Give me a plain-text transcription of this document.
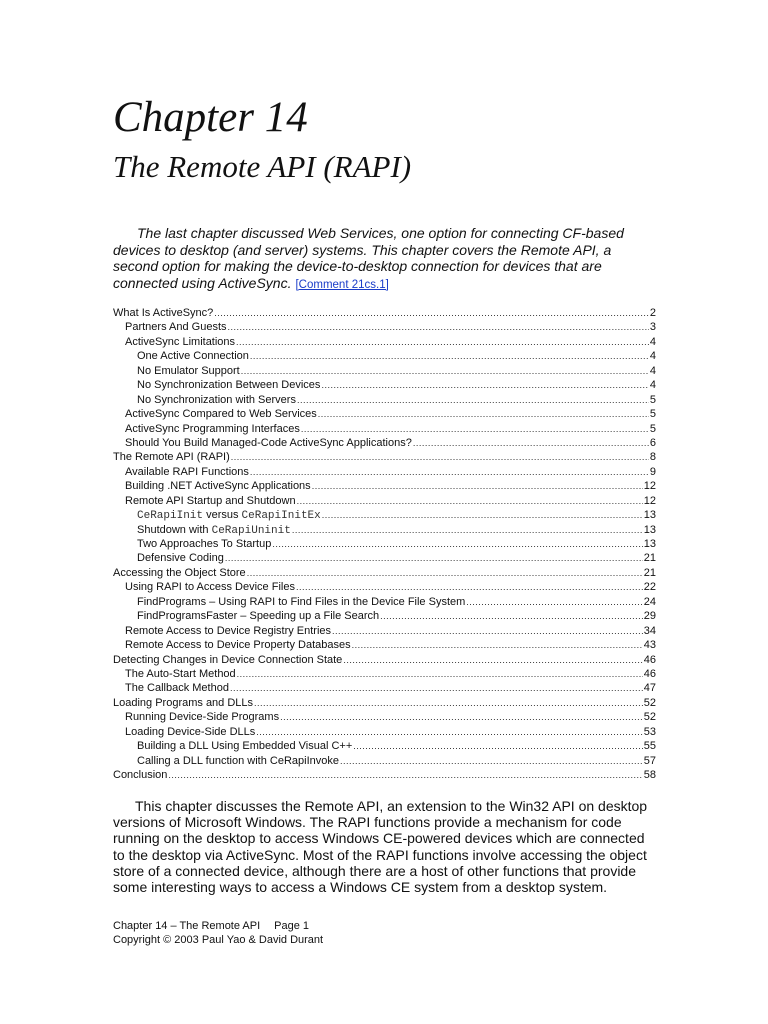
Chapter 14
The Remote API (RAPI)

The last chapter discussed Web Services, one option for connecting CF-based devices to desktop (and server) systems. This chapter covers the Remote API, a second option for making the device-to-desktop connection for devices that are connected using ActiveSync. [Comment 21cs.1]

What Is ActiveSync? .....	2
Partners And Guests .....	3
ActiveSync Limitations .....	4
One Active Connection .....	4
No Emulator Support .....	4
No Synchronization Between Devices .....	4
No Synchronization with Servers .....	5
ActiveSync Compared to Web Services .....	5
ActiveSync Programming Interfaces .....	5
Should You Build Managed-Code ActiveSync Applications? .....	6
The Remote API (RAPI) .....	8
Available RAPI Functions .....	9
Building .NET ActiveSync Applications .....	12
Remote API Startup and Shutdown .....	12
CeRapiInit versus CeRapiInitEx .....	13
Shutdown with CeRapiUninit .....	13
Two Approaches To Startup .....	13
Defensive Coding .....	21
Accessing the Object Store .....	21
Using RAPI to Access Device Files .....	22
FindPrograms – Using RAPI to Find Files in the Device File System .....	24
FindProgramsFaster – Speeding up a File Search .....	29
Remote Access to Device Registry Entries .....	34
Remote Access to Device Property Databases .....	43
Detecting Changes in Device Connection State .....	46
The Auto-Start Method .....	46
The Callback Method .....	47
Loading Programs and DLLs .....	52
Running Device-Side Programs .....	52
Loading Device-Side DLLs .....	53
Building a DLL Using Embedded Visual C++ .....	55
Calling a DLL function with CeRapiInvoke .....	57
Conclusion .....	58

This chapter discusses the Remote API, an extension to the Win32 API on desktop versions of Microsoft Windows. The RAPI functions provide a mechanism for code running on the desktop to access Windows CE-powered devices which are connected to the desktop via ActiveSync. Most of the RAPI functions involve accessing the object store of a connected device, although there are a host of other functions that provide some interesting ways to access a Windows CE system from a desktop system.

Chapter 14 – The Remote API Page 1
Copyright © 2003 Paul Yao & David Durant
